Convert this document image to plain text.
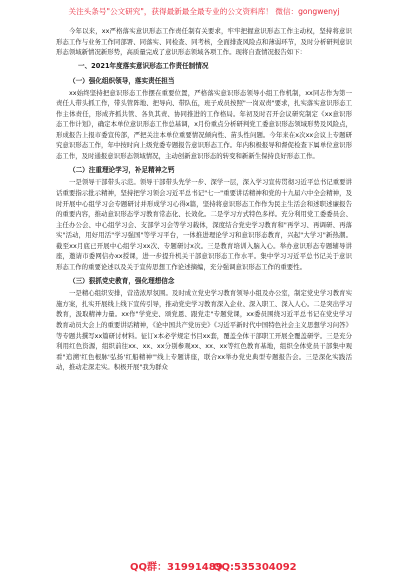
关注头条号"公文研究"，获得最新最全最专业的公文资料库！ 微信：gongwenyj

今年以来，xx严格落实意识形态工作责任制有关要求，牢牢把握意识形态工作主动权，坚持将意识形态工作与业务工作同部署、同落实、同检查、同考核，全面排查风险点和薄弱环节，及时分析研判意识形态领域新情况新形势，高质量完成了意识形态领域各项工作。现将自查情况报告如下：

一、2021年度落实意识形态工作责任制情况

（一）强化组织领导，落实责任担当

xx始终坚持把意识形态工作摆在重要位置，严格落实意识形态领导小组工作机制，xx同志作为第一责任人带头抓工作，带头管阵地、把导向、带队伍，班子成员按照"一岗双责"要求，扎实落实意识形态工作主体责任，形成齐抓共管、各负其责、协同推进的工作格局。年初及时召开会议研究制定《xx意识形态工作计划》，确定本单位意识形态工作总基调，x月份重点分析研判党工委意识形态领域形势及风险点，形成报告上报市委宣传部，严把关注本单位重要情况倾向性、苗头性问题。今年来在x次xx会议上专题研究意识形态工作，年中按时向上级党委专题报告意识形态工作。年内积极报导和督促检查下属单位意识形态工作，及时通报意识形态领域情况，主动创新意识形态的转变和新新生保持良好形态工作。

（二）注重理论学习，补足精神之钙

一是领导干部带头示范。领导干部带头先学一步、深学一层，深入学习宣传贯彻习近平总书记重要讲话重要指示批示精神，坚持把学习领会习近平总书记"七一"重要讲话精神和党的十九届六中全会精神，及时开展中心组学习会专题研讨并形成学习心得x篇，坚持将意识形态工作作为民主生活会和述职述廉报告的重要内容，推动意识形态学习教育常态化、长效化。二是学习方式特色多样。充分利用党工委委员会、主任办公会、中心组学习会、支部学习会等学习载体，深度结合党史学习教育和"再学习、再调研、再落实"活动，用好用活"学习强国"等学习平台，一体推进理论学习和意识形态教育，兴起"大学习"新热潮。截至xx月底已开展中心组学习xx次、专题研讨x次。三是教育培训入脑入心。举办意识形态专题辅导讲座，邀请市委网信办xx授课，进一步提升机关干部意识形态工作水平。集中学习习近平总书记关于意识形态工作的重要论述以及关于宣传思想工作论述摘编，充分强调意识形态工作的重要性。

（三）狠抓党史教育，强化理想信念

一是精心组织安排，营造浓厚氛围。及时成立党史学习教育领导小组及办公室，制定党史学习教育实施方案，扎实开展线上线下宣传引导，推动党史学习教育深入企业、深入职工、深入人心。二是突出学习教育，汲取精神力量。xx作"学党史、颂党恩、跟党走"专题党课，xx委员围绕习近平总书记在党史学习教育动员大会上的重要讲话精神，《论中国共产党历史》《习近平新时代中国特色社会主义思想学习问答》等专题共撰写xx篇研讨材料。征订x本必学规定书目xx套，覆盖全体干部职工开展全覆盖研学。三是充分利用红色资源，组织前往xx、xx、xx分别参观xx、xx、xx等红色教育基地，组织全体党员干部集中观看"追溯'红色根脉'弘扬'红船精神'"线上专题讲座，联合xx举办党史典型专题报告会。三是深化实践活动，推动走深走实。积极开展"我为群众

QQ群：31991489
QQ:535304092
